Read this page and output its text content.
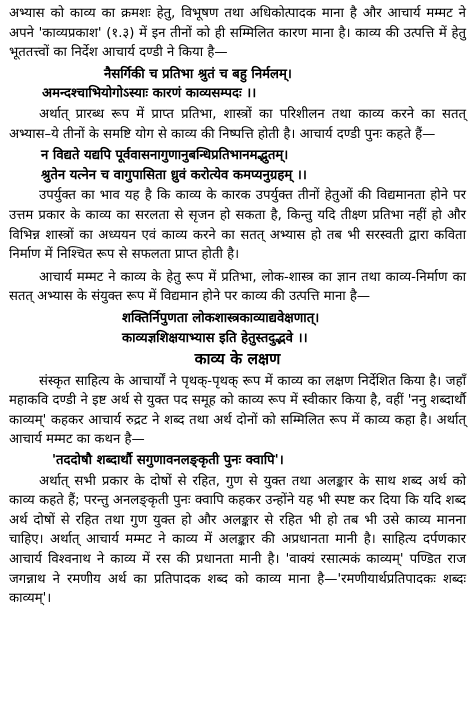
अभ्यास को काव्य का क्रमशः हेतु, विभूषण तथा अधिकोत्पादक माना है और आचार्य मम्मट ने अपने 'काव्यप्रकाश' (१.३) में इन तीनों को ही सम्मिलित कारण माना है। काव्य की उत्पत्ति में हेतु भूततत्त्वों का निर्देश आचार्य दण्डी ने किया है—

नैसर्गिकी च प्रतिभा श्रुतं च बहु निर्मलम्।
अमन्दश्चाभियोगोऽस्याः कारणं काव्यसम्पदः ।।

अर्थात् प्रारब्ध रूप में प्राप्त प्रतिभा, शास्त्रों का परिशीलन तथा काव्य करने का सतत् अभ्यास–ये तीनों के समष्टि योग से काव्य की निष्पत्ति होती है। आचार्य दण्डी पुनः कहते हैं—

न विद्यते यद्यपि पूर्ववासनागुणानुबन्धिप्रतिभानमद्भुतम्।
श्रुतेन यत्नेन च वागुपासिता ध्रुवं करोत्येव कमप्यनुग्रहम् ।।

उपर्युक्त का भाव यह है कि काव्य के कारक उपर्युक्त तीनों हेतुओं की विद्यमानता होने पर उत्तम प्रकार के काव्य का सरलता से सृजन हो सकता है, किन्तु यदि तीक्ष्ण प्रतिभा नहीं हो और विभिन्न शास्त्रों का अध्ययन एवं काव्य करने का सतत् अभ्यास हो तब भी सरस्वती द्वारा कविता निर्माण में निश्चित रूप से सफलता प्राप्त होती है।

आचार्य मम्मट ने काव्य के हेतु रूप में प्रतिभा, लोक-शास्त्र का ज्ञान तथा काव्य-निर्माण का सतत् अभ्यास के संयुक्त रूप में विद्यमान होने पर काव्य की उत्पत्ति माना है—

शक्तिर्निपुणता लोकशास्त्रकाव्याद्यवेक्षणात्।
काव्यज्ञशिक्षयाभ्यास इति हेतुस्तदुद्भवे ।।
काव्य के लक्षण

संस्कृत साहित्य के आचार्यों ने पृथक्-पृथक् रूप में काव्य का लक्षण निर्देशित किया है। जहाँ महाकवि दण्डी ने इष्ट अर्थ से युक्त पद समूह को काव्य रूप में स्वीकार किया है, वहीं 'ननु शब्दार्थौ काव्यम्' कहकर आचार्य रुद्रट ने शब्द तथा अर्थ दोनों को सम्मिलित रूप में काव्य कहा है। अर्थात् आचार्य मम्मट का कथन है—

'तददोषौ शब्दार्थौ सगुणावनलङ्कृती पुनः क्वापि'।

अर्थात् सभी प्रकार के दोषों से रहित, गुण से युक्त तथा अलङ्कार के साथ शब्द अर्थ को काव्य कहते हैं; परन्तु अनलङ्कृती पुनः क्वापि कहकर उन्होंने यह भी स्पष्ट कर दिया कि यदि शब्द अर्थ दोषों से रहित तथा गुण युक्त हो और अलङ्कार से रहित भी हो तब भी उसे काव्य मानना चाहिए। अर्थात् आचार्य मम्मट ने काव्य में अलङ्कार की अप्रधानता मानी है। साहित्य दर्पणकार आचार्य विश्वनाथ ने काव्य में रस की प्रधानता मानी है। 'वाक्यं रसात्मकं काव्यम्' पण्डित राज जगन्नाथ ने रमणीय अर्थ का प्रतिपादक शब्द को काव्य माना है—'रमणीयार्थप्रतिपादकः शब्दः काव्यम्'।
